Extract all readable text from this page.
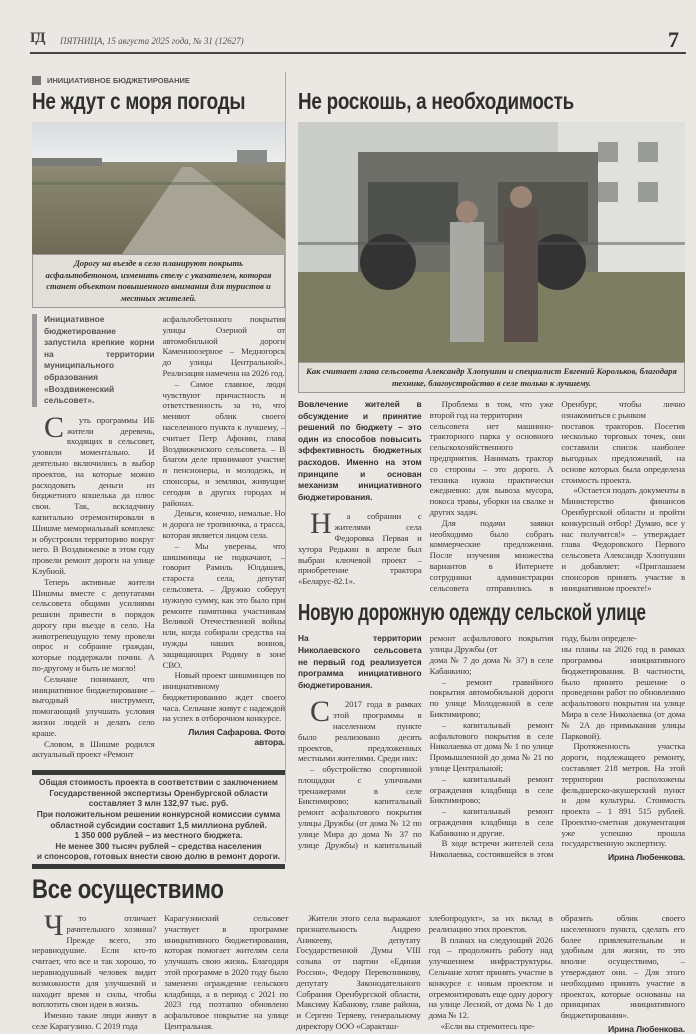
ГД ПЯТНИЦА, 15 августа 2025 года, № 31 (12627)	7
ИНИЦИАТИВНОЕ БЮДЖЕТИРОВАНИЕ
Не ждут с моря погоды
Дорогу на въезде в село планируют покрыть асфальтобетоном, изменить стелу с указателем, которая станет объектом повышенного внимания для туристов и местных жителей.
Инициативное бюджетирование запустила крепкие корни на территории муниципального образования «Воздвиженский сельсовет».

Суть программы ИБ жители деревень, входящих в сельсовет, уловили моментально. И деятельно включились в выбор проектов, на которые можно расходовать деньги из бюджетного кошелька да плюс свои. Так, вскладчину капитально отремонтировали в Шишме мемориальный комплекс и обустроили территорию вокруг него. В Воздвиженке в этом году провели ремонт дороги на улице Клубной.

Теперь активные жители Шишмы вместе с депутатами сельсовета общими усилиями решили привести в порядок дорогу при въезде в село. На животрепещущую тему провели опрос и собрание граждан, которые поддержали почин. А по-другому и быть не могло!

Сельчане понимают, что инициативное бюджетирование – выгодный инструмент, помогающий улучшать условия жизни людей и делать село краше.

Словом, в Шишме родился актуальный проект «Ремонт

асфальтобетонного покрытия улицы Озерной от автомобильной дороги Каменноозерное – Медногорск до улицы Центральной». Реализация намечена на 2026 год.

– Самое главное, люди чувствуют причастность и ответственность за то, что меняют облик своего населенного пункта к лучшему, – считает Петр Афонин, глава Воздвиженского сельсовета. – В благом деле принимают участие и пенсионеры, и молодежь, и спонсоры, и земляки, живущие сегодня в других городах и районах.

Деньги, конечно, немалые. Но и дорога не тропиночка, а трасса, которая является лицом села.

– Мы уверены, что шишминцы не подкачают, – говорит Рамиль Юлдашев, староста села, депутат сельсовета. – Дружно соберут нужную сумму, как это было при ремонте памятника участникам Великой Отечественной войны или, когда собирали средства на нужды наших воинов, защищающих Родину в зоне СВО.

Новый проект шишминцев по инициативному бюджетированию ждет своего часа. Сельчане живут с надеждой на успех в отборочном конкурсе.

Лилия Сафарова. Фото автора.
Общая стоимость проекта в соответствии с заключением
Государственной экспертизы Оренбургской области
составляет 3 млн 132,97 тыс. руб.
При положительном решении конкурсной комиссии сумма
областной субсидии составит 1,5 миллиона рублей.
1 350 000 рублей – из местного бюджета.
Не менее 300 тысяч рублей – средства населения
и спонсоров, готовых внести свою долю в ремонт дороги.
Все осуществимо
Не роскошь, а необходимость
Как считает глава сельсовета Александр Хлопушин и специалист Евгений Корольков, благодаря технике, благоустройство в селе только к лучшему.
Вовлечение жителей в обсуждение и принятие решений по бюджету – это один из способов повысить эффективность бюджетных расходов. Именно на этом принципе и основан механизм инициативного бюджетирования.

На собрании с жителями села Федоровка Первая и хутора Редькин в апреле был выбран ключевой проект – приобретение трактора «Беларус-82.1».

Проблема в том, что уже второй год на территории

сельсовета нет машинно-тракторного парка у основного сельскохозяйственного предприятия. Нанимать трактор со стороны – это дорого. А техника нужна практически ежедневно: для вывоза мусора, покоса травы, уборки на свалке и других задач.

Для подачи заявки необходимо было собрать коммерческие предложения. После изучения множества вариантов в Интернете сотрудники администрации сельсовета отправились в Оренбург, чтобы лично ознакомиться с рынком

поставок тракторов. Посетив несколько торговых точек, они составили список наиболее выгодных предложений, на основе которых была определена стоимость проекта.

«Остается подать документы в Министерство финансов Оренбургской области и пройти конкурсный отбор! Думаю, все у нас получится!» – утверждает глава Федоровского Первого сельсовета Александр Хлопушин и добавляет: «Приглашаем спонсоров принять участие в инициативном проекте!»

Новую дорожную одежду сельской улице
На территории Николаевского сельсовета не первый год реализуется программа инициативного бюджетирования.

С2017 года в рамках этой программы в населенном пункте было реализовано десять проектов, предложенных местными жителями. Среди них:

– обустройство спортивной площадки с уличными тренажерами в селе Биктимирово; капитальный ремонт асфальтового покрытия улицы Дружбы (от дома № 12 по улице Мира до дома № 37 по улице Дружбы) и капитальный ремонт асфальтового покрытия улицы Дружбы (от

дома № 7 до дома № 37) в селе Кабанкино;

– ремонт гравийного покрытия автомобильной дороги по улице Молодежной в селе Биктимирово;

– капитальный ремонт асфальтового покрытия в селе Николаевка от дома № 1 по улице Промышленной до дома № 21 по улице Центральной;

– капитальный ремонт ограждения кладбища в селе Биктимирово;

– капитальный ремонт ограждения кладбища в селе Кабанкино и другие.

В ходе встречи жителей села Николаевка, состоявшейся в этом году, были определе-

ны планы на 2026 год в рамках программы инициативного бюджетирования. В частности, было принято решение о проведении работ по обновлению асфальтового покрытия на улице Мира в селе Николаевка (от дома № 2А до примыкания улицы Парковой).

Протяженность участка дороги, подлежащего ремонту, составляет 218 метров. На этой территории расположены фельдшерско-акушерский пункт и дом культуры. Стоимость проекта – 1 891 515 рублей. Проектно-сметная документация уже успешно прошла государственную экспертизу.

Ирина Любенкова.

Что отличает рачительного хозяина? Прежде всего, это неравнодушие. Если кто-то считает, что все и так хорошо, то неравнодушный человек видит возможности для улучшений и находит время и силы, чтобы воплотить свои идеи в жизнь.

Именно такие люди живут в селе Карагузино. С 2019 года

Карагузинский сельсовет участвует в программе инициативного бюджетирования, которая помогает жителям села улучшать свою жизнь. Благодаря этой программе в 2020 году было заменено ограждение сельского кладбища, а в период с 2021 по 2023 год поэтапно обновлено асфальтовое покрытие на улице Центральная.

Жители этого села выражают признательность Андрею Аникееву, депутату Государственной Думы VIII созыва от партии «Единая Россия», Федору Перевозникову, депутату Законодательного Собрания Оренбургской области, Максиму Кабанову, главе района, и Сергею Теряеву, генеральному директору ООО «Саракташ-

хлебопродукт», за их вклад в реализацию этих проектов.

В планах на следующий 2026 год – продолжить работу над улучшением инфраструктуры. Сельчане хотят принять участие в конкурсе с новым проектом и отремонтировать еще одну дорогу на улице Лесной, от дома № 1 до дома № 12.

«Если вы стремитесь пре-

образить облик своего населенного пункта, сделать его более привлекательным и удобным для жизни, то это вполне осуществимо, – утверждают они. – Для этого необходимо принять участие в проектах, которые основаны на принципах инициативного бюджетирования».

Ирина Любенкова.
